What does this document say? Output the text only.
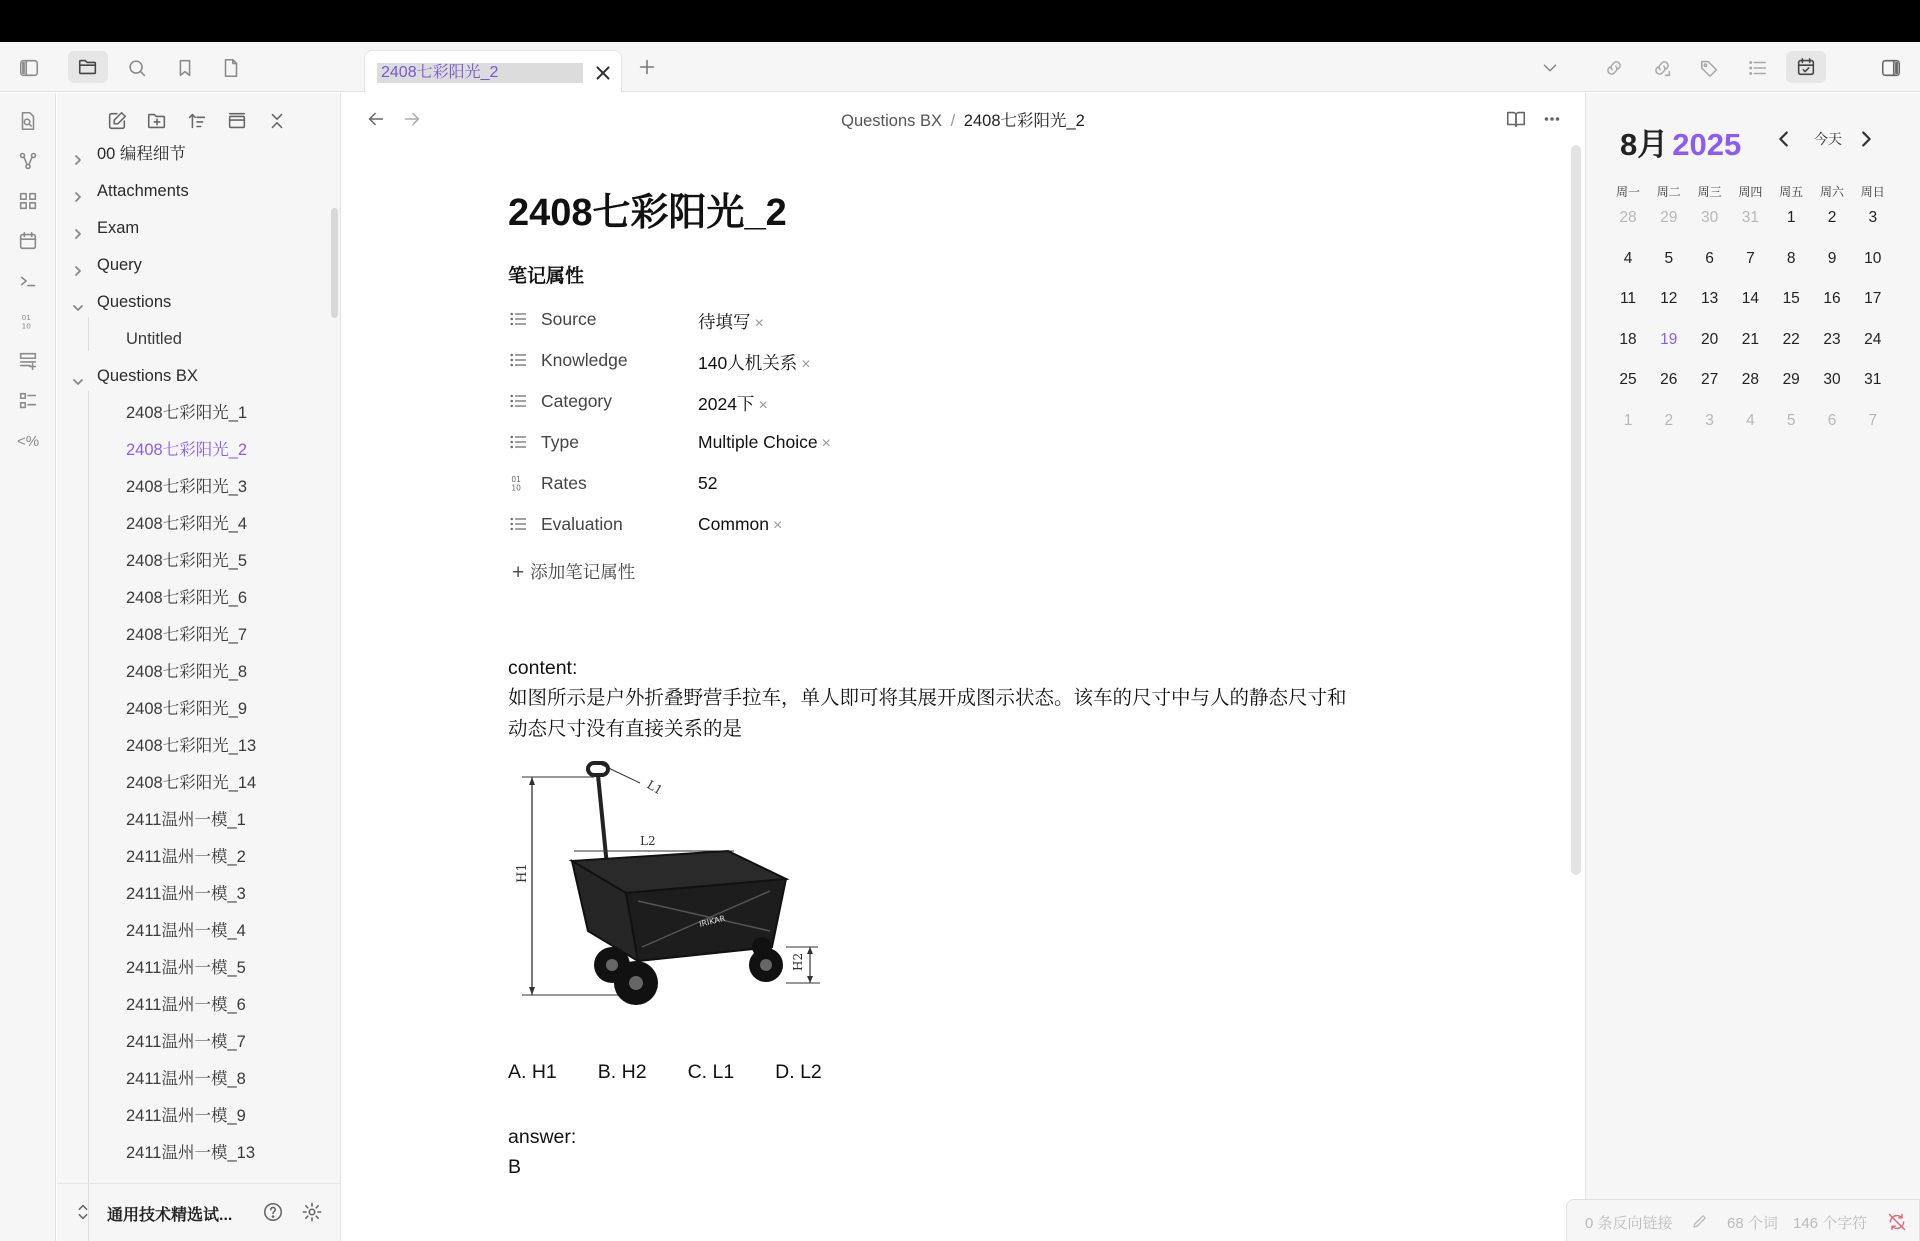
2408七彩阳光_2
01
10
<%
00 编程细节
Attachments
Exam
Query
Questions
Untitled
Questions BX
2408七彩阳光_1
2408七彩阳光_2
2408七彩阳光_3
2408七彩阳光_4
2408七彩阳光_5
2408七彩阳光_6
2408七彩阳光_7
2408七彩阳光_8
2408七彩阳光_9
2408七彩阳光_13
2408七彩阳光_14
2411温州一模_1
2411温州一模_2
2411温州一模_3
2411温州一模_4
2411温州一模_5
2411温州一模_6
2411温州一模_7
2411温州一模_8
2411温州一模_9
2411温州一模_13
通用技术精选试...
Questions BX / 2408七彩阳光_2
2408七彩阳光_2
笔记属性
Source	待填写 ×
Knowledge	140人机关系 ×
Category	2024下 ×
Type	Multiple Choice ×
01
10 Rates	52
Evaluation	Common ×
+ 添加笔记属性
content:
如图所示是户外折叠野营手拉车，单人即可将其展开成图示状态。该车的尺寸中与人的静态尺寸和
动态尺寸没有直接关系的是
H1
L1
L2
IRIKAR
H2
A. H1 B. H2 C. L1 D. L2
answer:
B
8月 2025	今天
周一	周二	周三	周四	周五	周六	周日
28	29	30	31	1	2	3
4	5	6	7	8	9	10
11	12	13	14	15	16	17
18	19	20	21	22	23	24
25	26	27	28	29	30	31
1	2	3	4	5	6	7
0 条反向链接	68 个词 146 个字符
